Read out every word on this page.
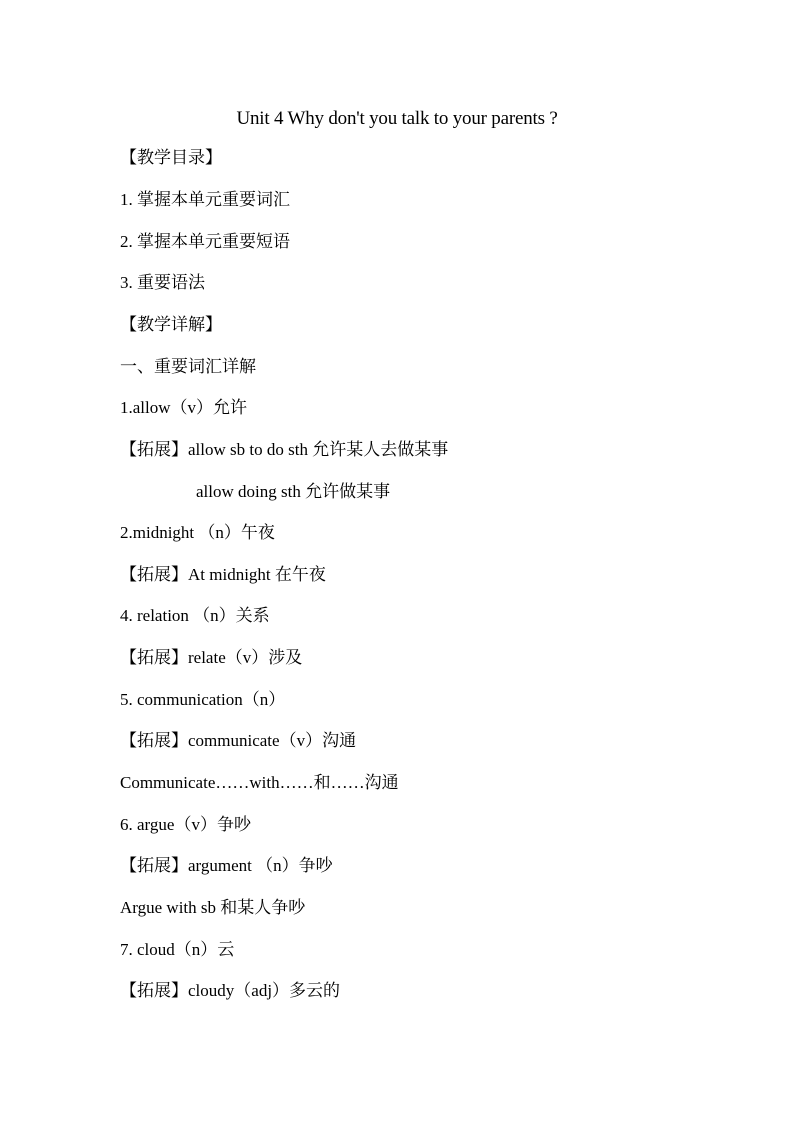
Unit 4 Why don't you talk to your parents ?
【教学目录】
1. 掌握本单元重要词汇
2. 掌握本单元重要短语
3. 重要语法
【教学详解】
一、重要词汇详解
1.allow（v）允许
【拓展】allow sb to do sth 允许某人去做某事
allow doing sth 允许做某事
2.midnight （n）午夜
【拓展】At midnight 在午夜
4. relation （n）关系
【拓展】relate（v）涉及
5. communication（n）
【拓展】communicate（v）沟通
Communicate……with……和……沟通
6. argue（v）争吵
【拓展】argument （n）争吵
Argue with sb 和某人争吵
7. cloud（n）云
【拓展】cloudy（adj）多云的
